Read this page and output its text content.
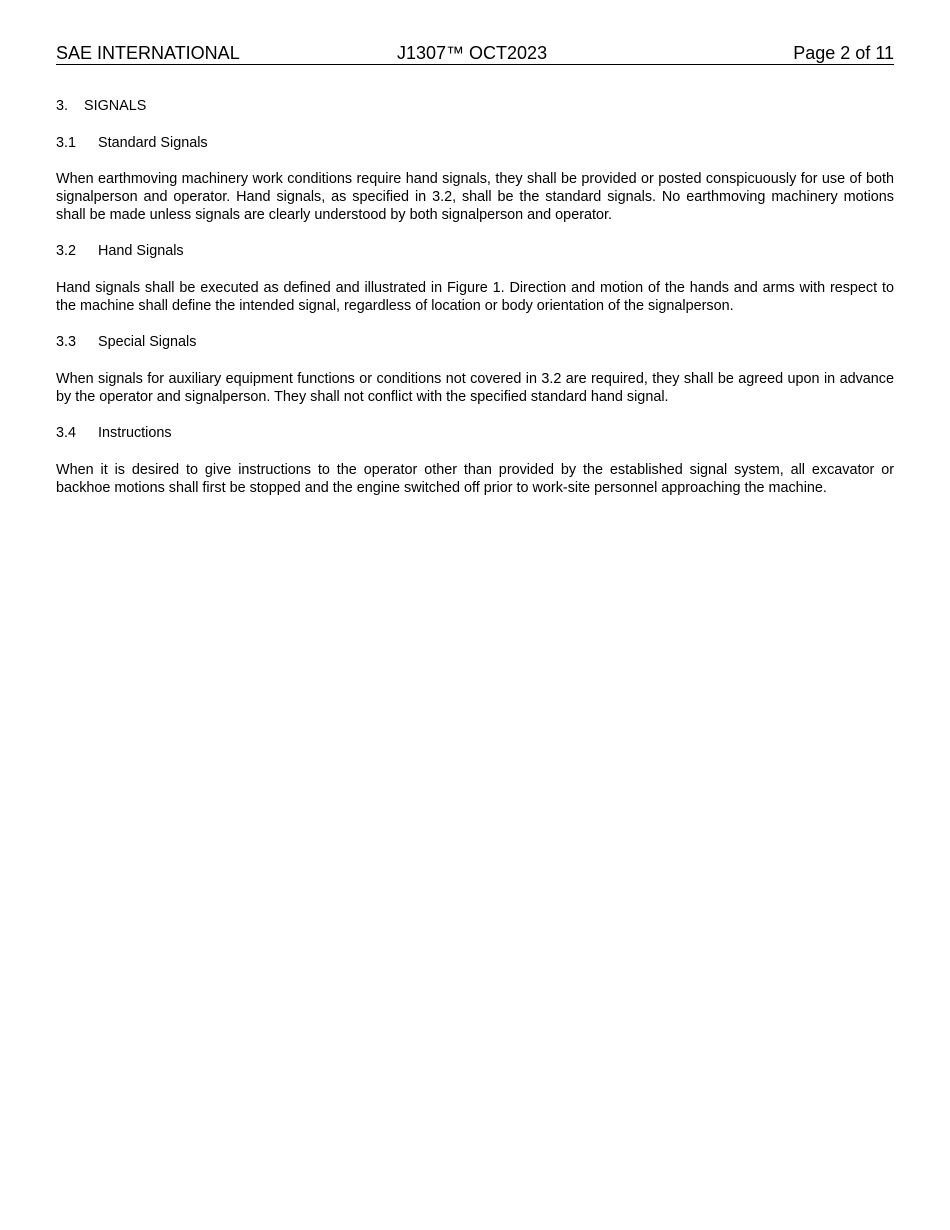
SAE INTERNATIONAL	J1307™ OCT2023	Page 2 of 11
3. SIGNALS
3.1 Standard Signals
When earthmoving machinery work conditions require hand signals, they shall be provided or posted conspicuously for use of both signalperson and operator. Hand signals, as specified in 3.2, shall be the standard signals. No earthmoving machinery motions shall be made unless signals are clearly understood by both signalperson and operator.
3.2 Hand Signals
Hand signals shall be executed as defined and illustrated in Figure 1. Direction and motion of the hands and arms with respect to the machine shall define the intended signal, regardless of location or body orientation of the signalperson.
3.3 Special Signals
When signals for auxiliary equipment functions or conditions not covered in 3.2 are required, they shall be agreed upon in advance by the operator and signalperson. They shall not conflict with the specified standard hand signal.
3.4 Instructions
When it is desired to give instructions to the operator other than provided by the established signal system, all excavator or backhoe motions shall first be stopped and the engine switched off prior to work-site personnel approaching the machine.
